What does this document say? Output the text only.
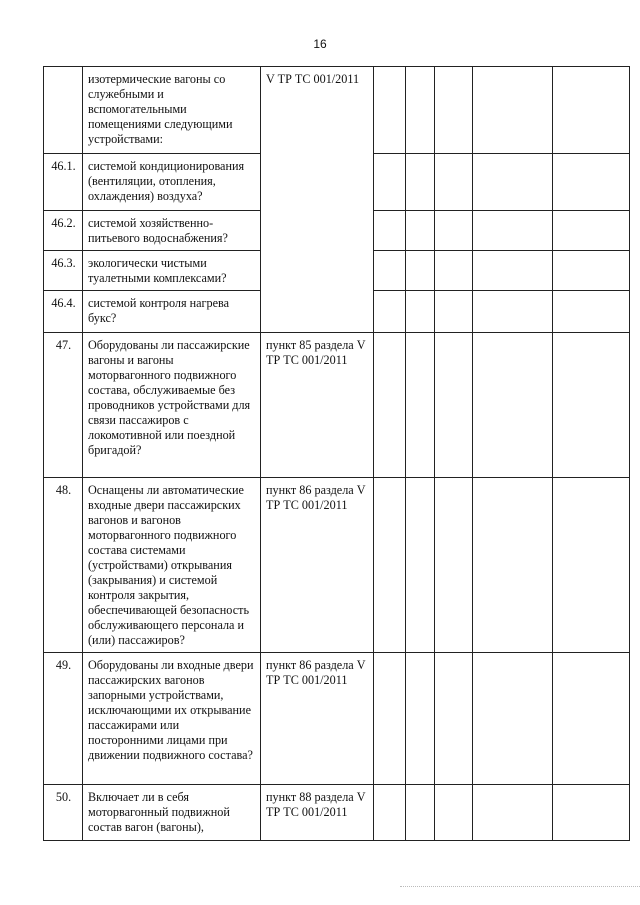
16
	изотермические вагоны со служебными и вспомогательными помещениями следующими устройствами:	V ТР ТС 001/2011					
46.1.	системой кондиционирования (вентиляции, отопления, охлаждения) воздуха?						
46.2.	системой хозяйственно-питьевого водоснабжения?						
46.3.	экологически чистыми туалетными комплексами?						
46.4.	системой контроля нагрева букс?						
47.	Оборудованы ли пассажирские вагоны и вагоны моторвагонного подвижного состава, обслуживаемые без проводников устройствами для связи пассажиров с локомотивной или поездной бригадой?	пункт 85 раздела V ТР ТС 001/2011					
48.	Оснащены ли автоматические входные двери пассажирских вагонов и вагонов моторвагонного подвижного состава системами (устройствами) открывания (закрывания) и системой контроля закрытия, обеспечивающей безопасность обслуживающего персонала и (или) пассажиров?	пункт 86 раздела V ТР ТС 001/2011					
49.	Оборудованы ли входные двери пассажирских вагонов запорными устройствами, исключающими их открывание пассажирами или посторонними лицами при движении подвижного состава?	пункт 86 раздела V ТР ТС 001/2011					
50.	Включает ли в себя моторвагонный подвижной состав вагон (вагоны),	пункт 88 раздела V ТР ТС 001/2011					
